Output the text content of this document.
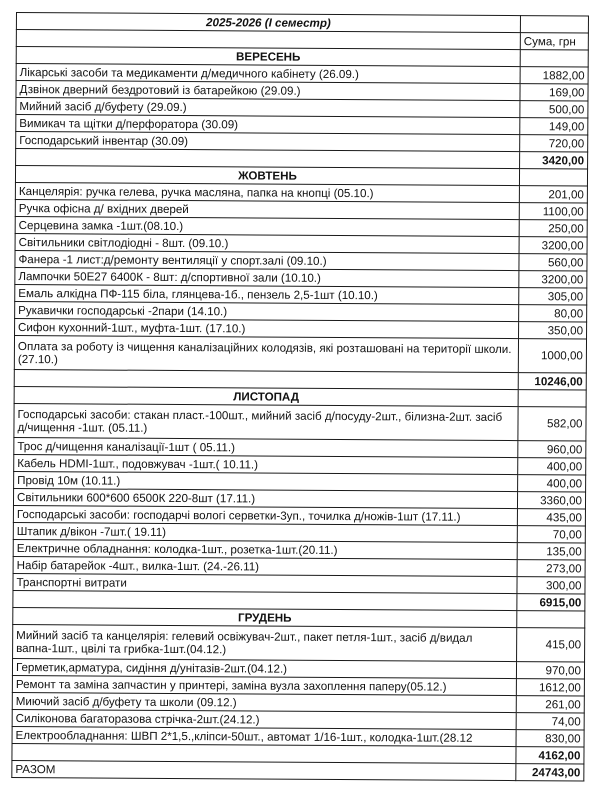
2025-2026 (І семестр)	
	Сума, грн
ВЕРЕСЕНЬ	
Лікарські засоби та медикаменти д/медичного кабінету (26.09.)	1882,00
Дзвінок дверний бездротовий із батарейкою (29.09.)	169,00
Мийний засіб д/буфету (29.09.)	500,00
Вимикач та щітки д/перфоратора (30.09)	149,00
Господарський інвентар (30.09)	720,00
	3420,00
ЖОВТЕНЬ	
Канцелярія: ручка гелева, ручка масляна, папка на кнопці (05.10.)	201,00
Ручка офісна д/ вхідних дверей	1100,00
Серцевина замка -1шт.(08.10.)	250,00
Світильники світлодіодні - 8шт. (09.10.)	3200,00
Фанера -1 лист:д/ремонту вентиляції у спорт.залі (09.10.)	560,00
Лампочки 50Е27 6400К - 8шт: д/спортивної зали (10.10.)	3200,00
Емаль алкідна ПФ-115 біла, глянцева-1б., пензель 2,5-1шт (10.10.)	305,00
Рукавички господарські -2пари (14.10.)	80,00
Сифон кухонний-1шт., муфта-1шт. (17.10.)	350,00
Оплата за роботу із чищення каналізаційних колодязів, які розташовані на території школи. (27.10.)	1000,00
	10246,00
ЛИСТОПАД	
Господарські засоби: стакан пласт.-100шт., мийний засіб д/посуду-2шт., білизна-2шт. засіб д/чищення -1шт. (05.11.)	582,00
Трос д/чищення каналізації-1шт ( 05.11.)	960,00
Кабель HDMI-1шт., подовжувач -1шт.( 10.11.)	400,00
Провід 10м (10.11.)	400,00
Світильники 600*600 6500К 220-8шт (17.11.)	3360,00
Господарські засоби: господарчі вологі серветки-3уп., точилка д/ножів-1шт (17.11.)	435,00
Штапик д/вікон -7шт.( 19.11)	70,00
Електричне обладнання: колодка-1шт., розетка-1шт.(20.11.)	135,00
Набір батарейок -4шт., вилка-1шт. (24.-26.11)	273,00
Транспортні витрати	300,00
	6915,00
ГРУДЕНЬ	
Мийний засіб та канцелярія: гелевий освіжувач-2шт., пакет петля-1шт., засіб д/видал вапна-1шт., цвілі та грибка-1шт.(04.12.)	415,00
Герметик,арматура, сидіння д/унітазів-2шт.(04.12.)	970,00
Ремонт та заміна запчастин у принтері, заміна вузла захоплення паперу(05.12.)	1612,00
Миючий засіб д/буфету та школи (09.12.)	261,00
Силіконова багаторазова стрічка-2шт.(24.12.)	74,00
Електрообладнання: ШВП 2*1,5.,кліпси-50шт., автомат 1/16-1шт., колодка-1шт.(28.12	830,00
	4162,00
РАЗОМ	24743,00
